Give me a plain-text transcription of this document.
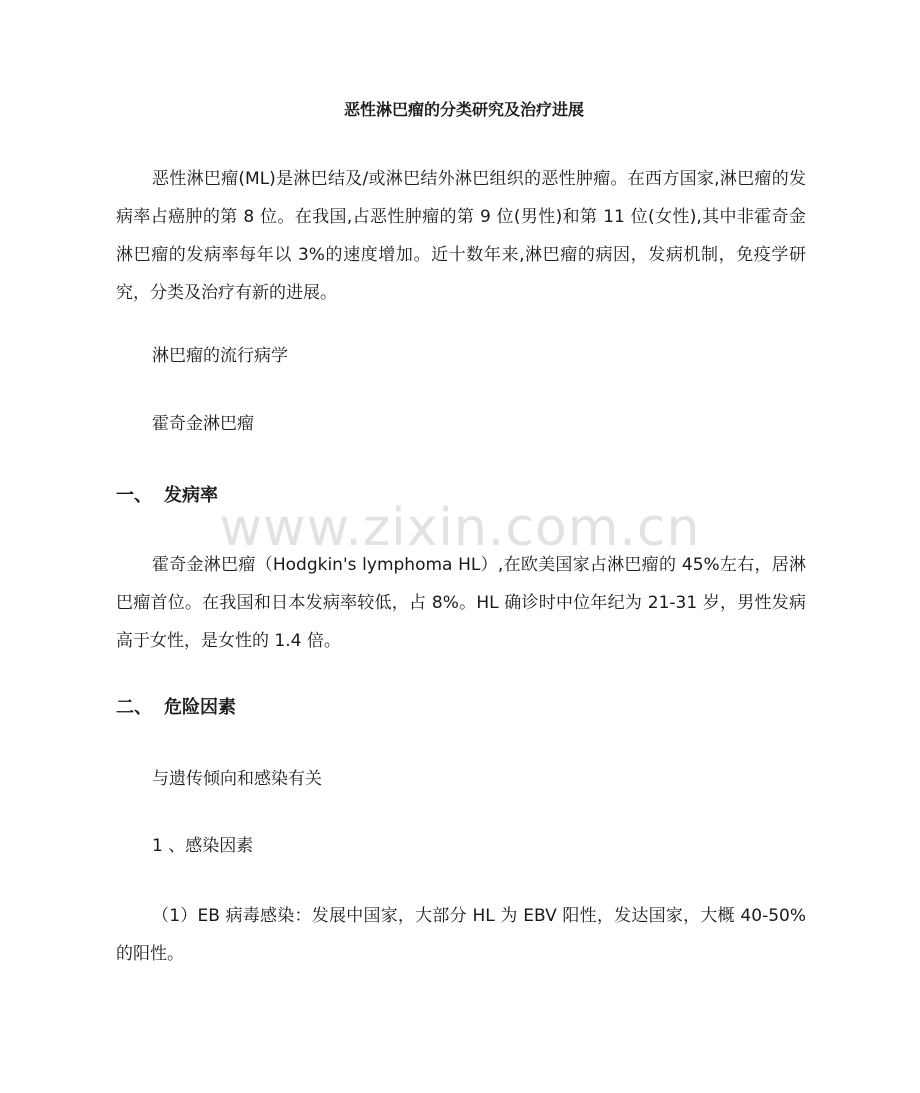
恶性淋巴瘤的分类研究及治疗进展

恶性淋巴瘤(ML)是淋巴结及/或淋巴结外淋巴组织的恶性肿瘤。在西方国家,淋巴瘤的发病率占癌肿的第 8 位。在我国,占恶性肿瘤的第 9 位(男性)和第 11 位(女性),其中非霍奇金淋巴瘤的发病率每年以 3%的速度增加。近十数年来,淋巴瘤的病因，发病机制，免疫学研究，分类及治疗有新的进展。

淋巴瘤的流行病学
霍奇金淋巴瘤
一、 发病率

霍奇金淋巴瘤（Hodgkin's lymphoma HL）,在欧美国家占淋巴瘤的 45%左右，居淋巴瘤首位。在我国和日本发病率较低，占 8%。HL 确诊时中位年纪为 21-31 岁，男性发病高于女性，是女性的 1.4 倍。

二、 危险因素
与遗传倾向和感染有关
1 、感染因素

（1）EB 病毒感染：发展中国家，大部分 HL 为 EBV 阳性，发达国家，大概 40-50%的阳性。

www.zixin.com.cn
